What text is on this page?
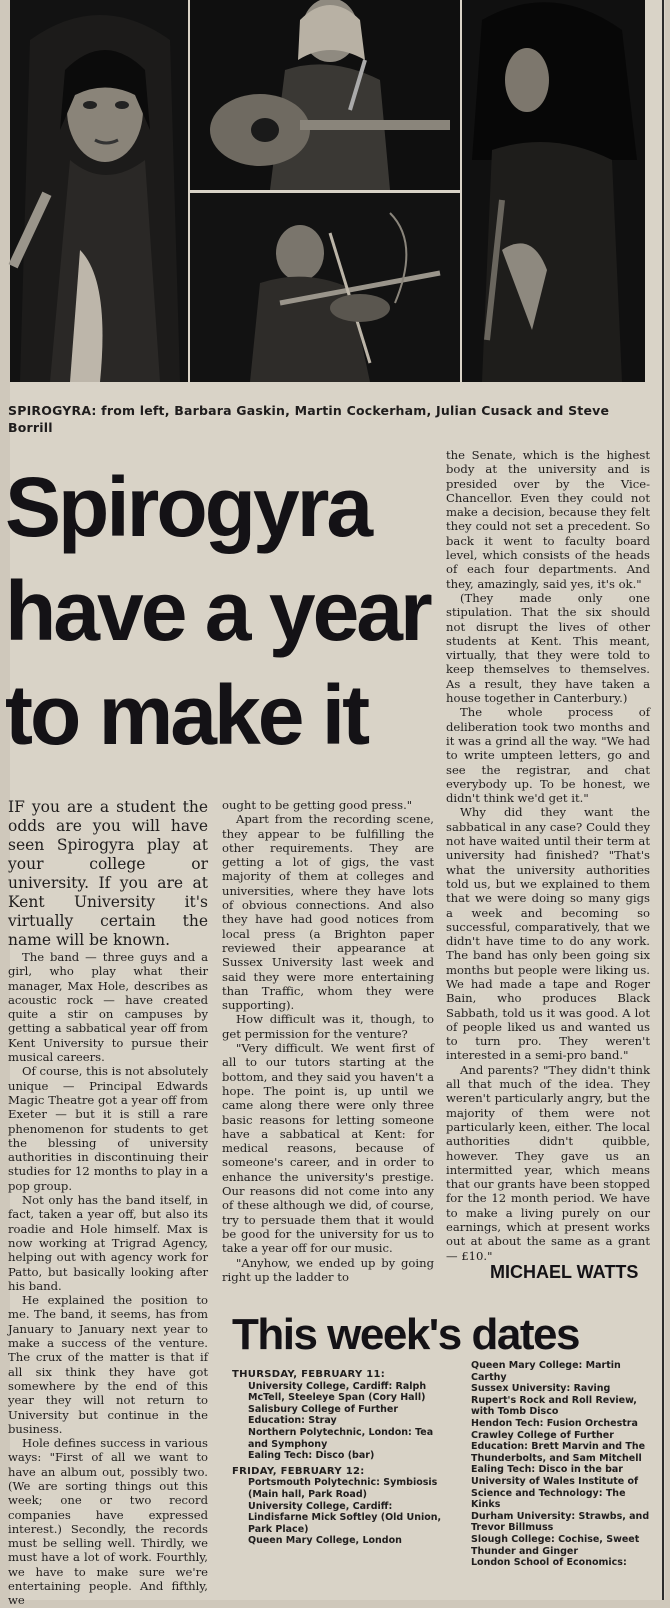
SPIROGYRA: from left, Barbara Gaskin, Martin Cockerham, Julian Cusack and Steve Borrill
Spirogyra
have a year
to make it

IF you are a student the odds are you will have seen Spirogyra play at your college or university. If you are at Kent University it's virtually certain the name will be known.

The band — three guys and a girl, who play what their manager, Max Hole, describes as acoustic rock — have created quite a stir on campuses by getting a sabbatical year off from Kent University to pursue their musical careers.

Of course, this is not absolutely unique — Principal Edwards Magic Theatre got a year off from Exeter — but it is still a rare phenomenon for students to get the blessing of university authorities in discontinuing their studies for 12 months to play in a pop group.

Not only has the band itself, in fact, taken a year off, but also its roadie and Hole himself. Max is now working at Trigrad Agency, helping out with agency work for Patto, but basically looking after his band.

He explained the position to me. The band, it seems, has from January to January next year to make a success of the venture. The crux of the matter is that if all six think they have got somewhere by the end of this year they will not return to University but continue in the business.

Hole defines success in various ways: "First of all we want to have an album out, possibly two. (We are sorting things out this week; one or two record companies have expressed interest.) Secondly, the records must be selling well. Thirdly, we must have a lot of work. Fourthly, we have to make sure we're entertaining people. And fifthly, we

ought to be getting good press."

Apart from the recording scene, they appear to be fulfilling the other requirements. They are getting a lot of gigs, the vast majority of them at colleges and universities, where they have lots of obvious connections. And also they have had good notices from local press (a Brighton paper reviewed their appearance at Sussex University last week and said they were more entertaining than Traffic, whom they were supporting).

How difficult was it, though, to get permission for the venture?

"Very difficult. We went first of all to our tutors starting at the bottom, and they said you haven't a hope. The point is, up until we came along there were only three basic reasons for letting someone have a sabbatical at Kent: for medical reasons, because of someone's career, and in order to enhance the university's prestige. Our reasons did not come into any of these although we did, of course, try to persuade them that it would be good for the university for us to take a year off for our music.

"Anyhow, we ended up by going right up the ladder to

the Senate, which is the highest body at the university and is presided over by the Vice-Chancellor. Even they could not make a decision, because they felt they could not set a precedent. So back it went to faculty board level, which consists of the heads of each four departments. And they, amazingly, said yes, it's ok."

(They made only one stipulation. That the six should not disrupt the lives of other students at Kent. This meant, virtually, that they were told to keep themselves to themselves. As a result, they have taken a house together in Canterbury.)

The whole process of deliberation took two months and it was a grind all the way. "We had to write umpteen letters, go and see the registrar, and chat everybody up. To be honest, we didn't think we'd get it."

Why did they want the sabbatical in any case? Could they not have waited until their term at university had finished? "That's what the university authorities told us, but we explained to them that we were doing so many gigs a week and becoming so successful, comparatively, that we didn't have time to do any work. The band has only been going six months but people were liking us. We had made a tape and Roger Bain, who produces Black Sabbath, told us it was good. A lot of people liked us and wanted us to turn pro. They weren't interested in a semi-pro band."

And parents? "They didn't think all that much of the idea. They weren't particularly angry, but the majority of them were not particularly keen, either. The local authorities didn't quibble, however. They gave us an intermitted year, which means that our grants have been stopped for the 12 month period. We have to make a living purely on our earnings, which at present works out at about the same as a grant — £10."

MICHAEL WATTS
This week's dates
THURSDAY, FEBRUARY 11:
University College, Cardiff: Ralph McTell, Steeleye Span (Cory Hall)
Salisbury College of Further Education: Stray
Northern Polytechnic, London: Tea and Symphony
Ealing Tech: Disco (bar)
FRIDAY, FEBRUARY 12:
Portsmouth Polytechnic: Symbiosis (Main hall, Park Road)
University College, Cardiff: Lindisfarne Mick Softley (Old Union, Park Place)
Queen Mary College, London
Queen Mary College: Martin Carthy
Sussex University: Raving Rupert's Rock and Roll Review, with Tomb Disco
Hendon Tech: Fusion Orchestra
Crawley College of Further Education: Brett Marvin and The Thunderbolts, and Sam Mitchell
Ealing Tech: Disco in the bar
University of Wales Institute of Science and Technology: The Kinks
Durham University: Strawbs, and Trevor Billmuss
Slough College: Cochise, Sweet Thunder and Ginger
London School of Economics:
